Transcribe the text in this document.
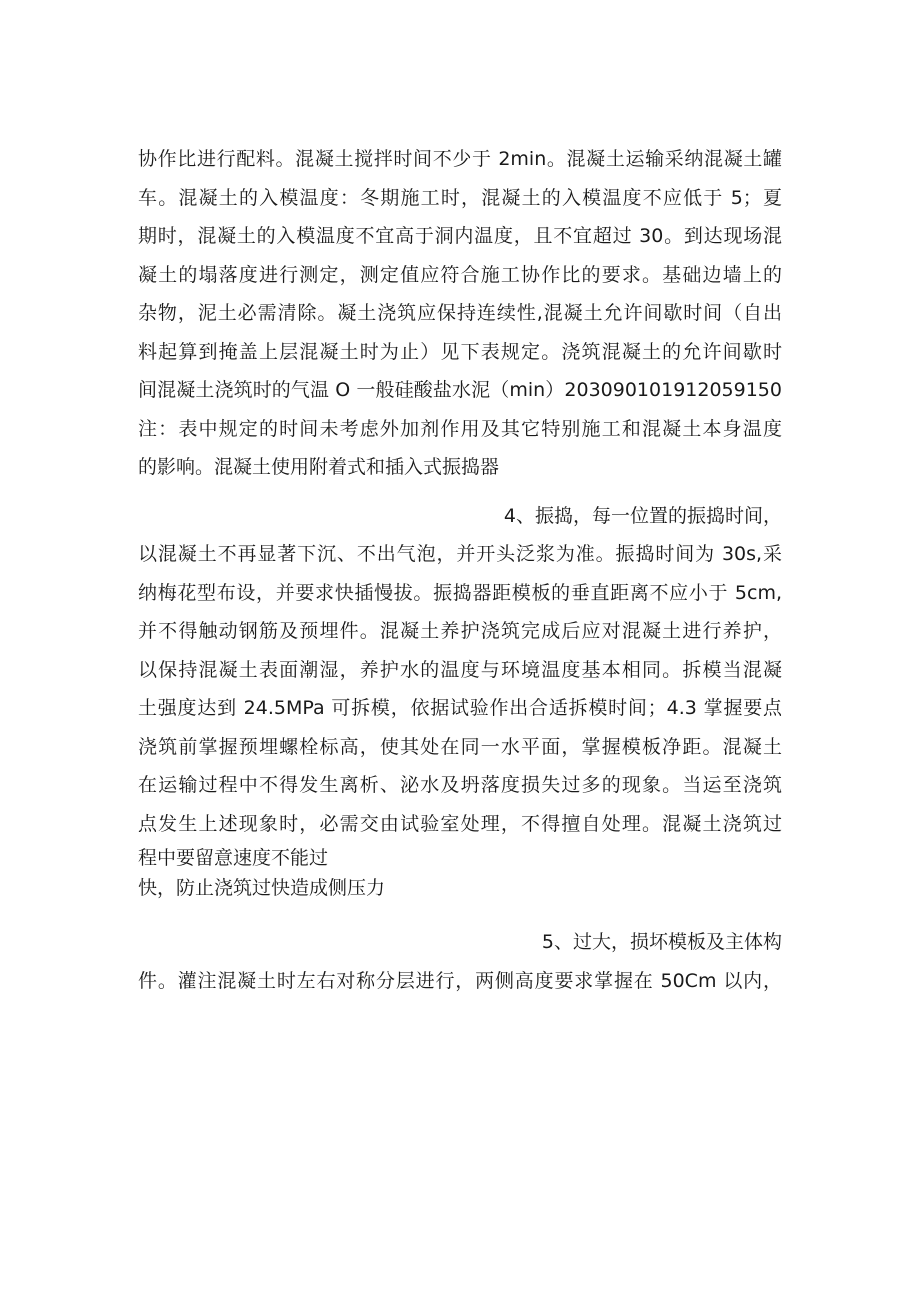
协作比进行配料。混凝土搅拌时间不少于 2min。混凝土运输采纳混凝土罐
车。混凝土的入模温度：冬期施工时，混凝土的入模温度不应低于 5；夏
期时，混凝土的入模温度不宜高于洞内温度，且不宜超过 30。到达现场混
凝土的塌落度进行测定，测定值应符合施工协作比的要求。基础边墙上的
杂物，泥土必需清除。凝土浇筑应保持连续性,混凝土允许间歇时间（自出
料起算到掩盖上层混凝土时为止）见下表规定。浇筑混凝土的允许间歇时
间混凝土浇筑时的气温 O 一般硅酸盐水泥（min）203090101912059150
注：表中规定的时间未考虑外加剂作用及其它特别施工和混凝土本身温度
的影响。混凝土使用附着式和插入式振捣器
4、振捣，每一位置的振捣时间，
以混凝土不再显著下沉、不出气泡，并开头泛浆为准。振捣时间为 30s,采
纳梅花型布设，并要求快插慢拔。振捣器距模板的垂直距离不应小于 5cm,
并不得触动钢筋及预埋件。混凝土养护浇筑完成后应对混凝土进行养护，
以保持混凝土表面潮湿，养护水的温度与环境温度基本相同。拆模当混凝
土强度达到 24.5MPa 可拆模，依据试验作出合适拆模时间；4.3 掌握要点
浇筑前掌握预埋螺栓标高，使其处在同一水平面，掌握模板净距。混凝土
在运输过程中不得发生离析、泌水及坍落度损失过多的现象。当运至浇筑
点发生上述现象时，必需交由试验室处理，不得擅自处理。混凝土浇筑过
程中要留意速度不能过
快，防止浇筑过快造成侧压力
5、过大，损坏模板及主体构
件。灌注混凝土时左右对称分层进行，两侧高度要求掌握在 50Cm 以内，
